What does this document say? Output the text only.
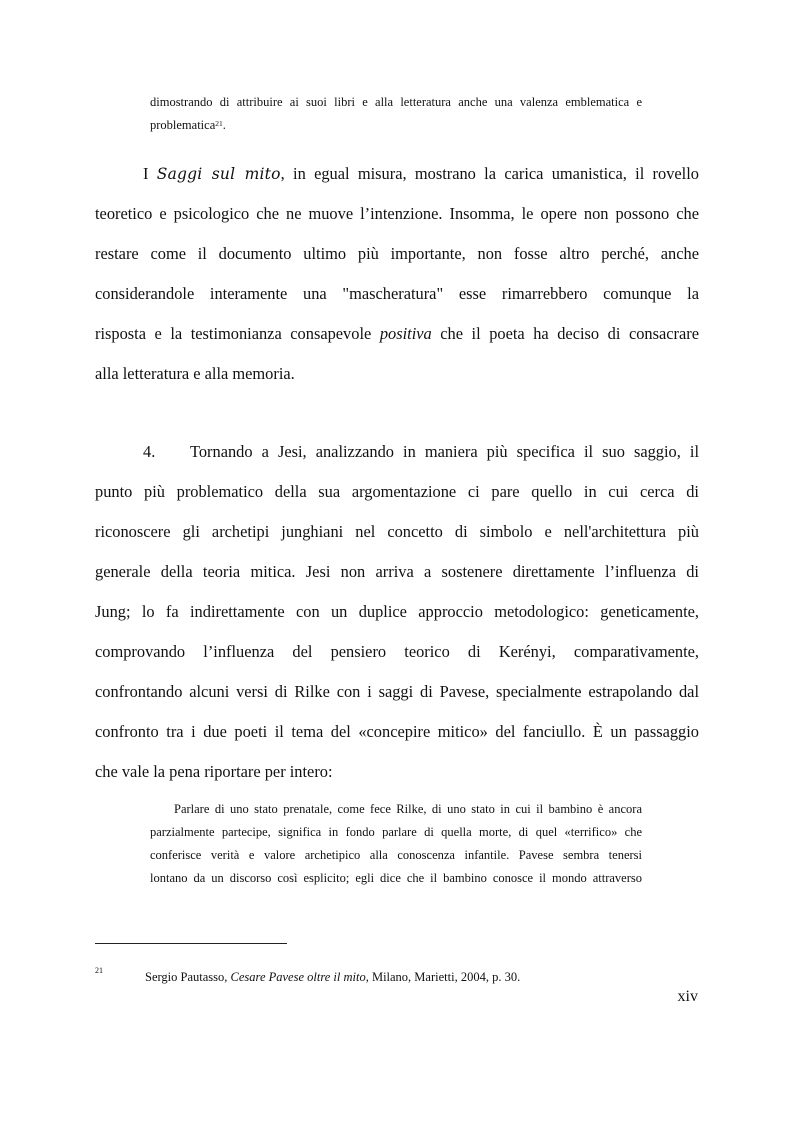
dimostrando di attribuire ai suoi libri e alla letteratura anche una valenza emblematica e
problematica$^{21}$.
I Saggi sul mito, in egual misura, mostrano la carica umanistica, il rovello
teoretico e psicologico che ne muove l’intenzione. Insomma, le opere non possono che
restare come il documento ultimo più importante, non fosse altro perché, anche
considerandole interamente una "mascheratura" esse rimarrebbero comunque la
risposta e la testimonianza consapevole positiva che il poeta ha deciso di consacrare
alla letteratura e alla memoria.
4. Tornando a Jesi, analizzando in maniera più specifica il suo saggio, il
punto più problematico della sua argomentazione ci pare quello in cui cerca di
riconoscere gli archetipi junghiani nel concetto di simbolo e nell'architettura più
generale della teoria mitica. Jesi non arriva a sostenere direttamente l’influenza di
Jung; lo fa indirettamente con un duplice approccio metodologico: geneticamente,
comprovando l’influenza del pensiero teorico di Kerényi, comparativamente,
confrontando alcuni versi di Rilke con i saggi di Pavese, specialmente estrapolando dal
confronto tra i due poeti il tema del «concepire mitico» del fanciullo. È un passaggio
che vale la pena riportare per intero:
Parlare di uno stato prenatale, come fece Rilke, di uno stato in cui il bambino è ancora
parzialmente partecipe, significa in fondo parlare di quella morte, di quel «terrifico» che
conferisce verità e valore archetipico alla conoscenza infantile. Pavese sembra tenersi
lontano da un discorso così esplicito; egli dice che il bambino conosce il mondo attraverso
21	Sergio Pautasso, Cesare Pavese oltre il mito, Milano, Marietti, 2004, p. 30.
xiv
